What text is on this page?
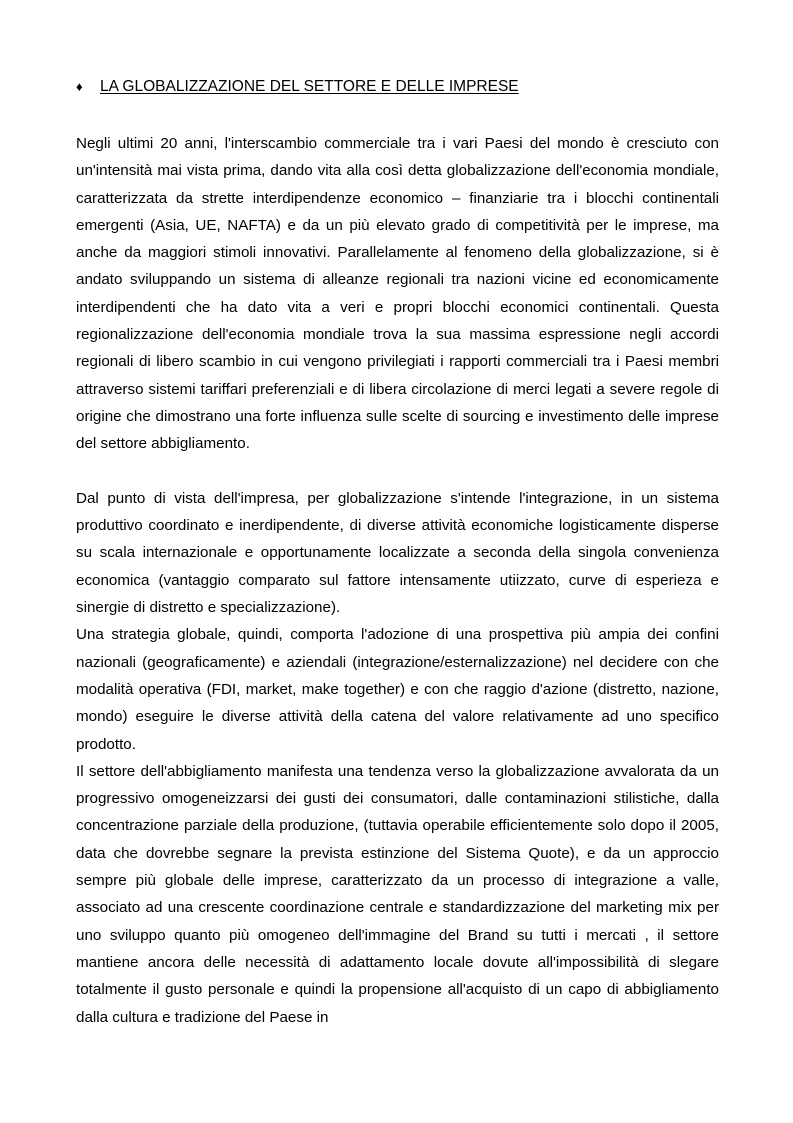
♦ LA GLOBALIZZAZIONE DEL SETTORE E DELLE IMPRESE

Negli ultimi 20 anni, l'interscambio commerciale tra i vari Paesi del mondo è cresciuto con un'intensità mai vista prima, dando vita alla così detta globalizzazione dell'economia mondiale, caratterizzata da strette interdipendenze economico – finanziarie tra i blocchi continentali emergenti (Asia, UE, NAFTA) e da un più elevato grado di competitività per le imprese, ma anche da maggiori stimoli innovativi. Parallelamente al fenomeno della globalizzazione, si è andato sviluppando un sistema di alleanze regionali tra nazioni vicine ed economicamente interdipendenti che ha dato vita a veri e propri blocchi economici continentali. Questa regionalizzazione dell'economia mondiale trova la sua massima espressione negli accordi regionali di libero scambio in cui vengono privilegiati i rapporti commerciali tra i Paesi membri attraverso sistemi tariffari preferenziali e di libera circolazione di merci legati a severe regole di origine che dimostrano una forte influenza sulle scelte di sourcing e investimento delle imprese del settore abbigliamento.

Dal punto di vista dell'impresa, per globalizzazione s'intende l'integrazione, in un sistema produttivo coordinato e inerdipendente, di diverse attività economiche logisticamente disperse su scala internazionale e opportunamente localizzate a seconda della singola convenienza economica (vantaggio comparato sul fattore intensamente utiizzato, curve di esperieza e sinergie di distretto e specializzazione).

Una strategia globale, quindi, comporta l'adozione di una prospettiva più ampia dei confini nazionali (geograficamente) e aziendali (integrazione/esternalizzazione) nel decidere con che modalità operativa (FDI, market, make together) e con che raggio d'azione (distretto, nazione, mondo) eseguire le diverse attività della catena del valore relativamente ad uno specifico prodotto.

Il settore dell'abbigliamento manifesta una tendenza verso la globalizzazione avvalorata da un progressivo omogeneizzarsi dei gusti dei consumatori, dalle contaminazioni stilistiche, dalla concentrazione parziale della produzione, (tuttavia operabile efficientemente solo dopo il 2005, data che dovrebbe segnare la prevista estinzione del Sistema Quote), e da un approccio sempre più globale delle imprese, caratterizzato da un processo di integrazione a valle, associato ad una crescente coordinazione centrale e standardizzazione del marketing mix per uno sviluppo quanto più omogeneo dell'immagine del Brand su tutti i mercati , il settore mantiene ancora delle necessità di adattamento locale dovute all'impossibilità di slegare totalmente il gusto personale e quindi la propensione all'acquisto di un capo di abbigliamento dalla cultura e tradizione del Paese in
